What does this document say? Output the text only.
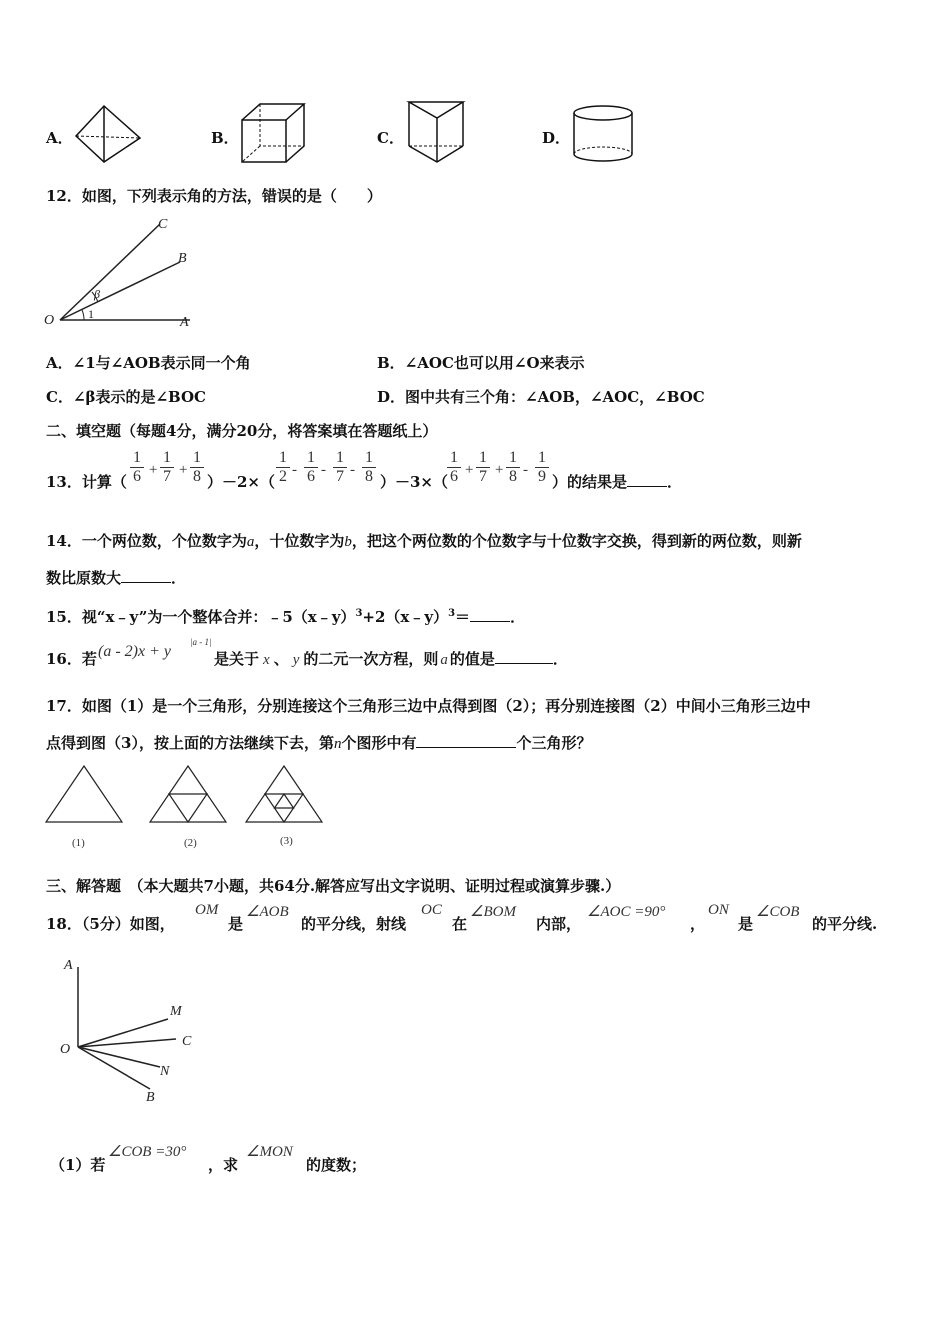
A．	B．	C．	D．
12．如图，下列表示角的方法，错误的是（　　）
O	A
B
C
β
1
A．∠1与∠AOB表示同一个角	B．∠AOC也可以用∠O来表示
C．∠β表示的是∠BOC	D．图中共有三个角：∠AOB，∠AOC，∠BOC
二、填空题（每题4分，满分20分，将答案填在答题纸上）
13．计算（ $\frac{1}{6} + \frac{1}{7} + \frac{1}{8} )-2\times( \frac{1}{2} - \frac{1}{6} - \frac{1}{7} - \frac{1}{8} )-3\times$（
$\frac{1}{6} + \frac{1}{7} + \frac{1}{8} - \frac{1}{9}$ ）的结果是	．
14．一个两位数，个位数字为a，十位数字为b，把这个两位数的个位数字与十位数字交换，得到新的两位数，则新
数比原数大	．
15．视“x﹣y”为一个整体合并：﹣5（x﹣y）$^3$+2（x﹣y）$^3$＝	．
16．若 (a - 2)x + y
|a - 1|
是关于 x 、 y 的二元一次方程，则 a 的值是	．
17．如图（1）是一个三角形，分别连接这个三角形三边中点得到图（2）；再分别连接图（2）中间小三角形三边中
点得到图（3），按上面的方法继续下去，第n个图形中有	个三角形？
(1)	(2)	(3)
三、解答题　（本大题共7小题，共64分.解答应写出文字说明、证明过程或演算步骤.）
18．（5分）如图，
OM
是
∠AOB
的平分线，射线
OC
在
∠BOM
内部，
∠AOC =90°
，
ON
是
∠COB
的平分线.
A
M
C
O
N
B
（1）若
∠COB =30°
，求
∠MON
的度数；
